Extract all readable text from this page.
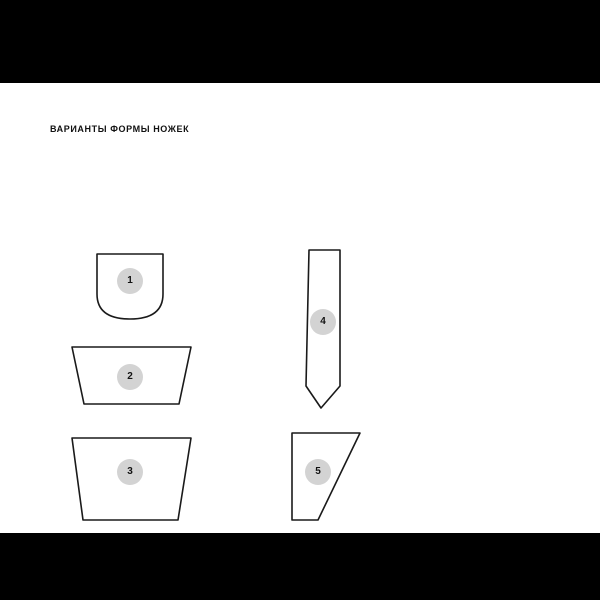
ВАРИАНТЫ ФОРМЫ НОЖЕК
1
2
3
4
5
